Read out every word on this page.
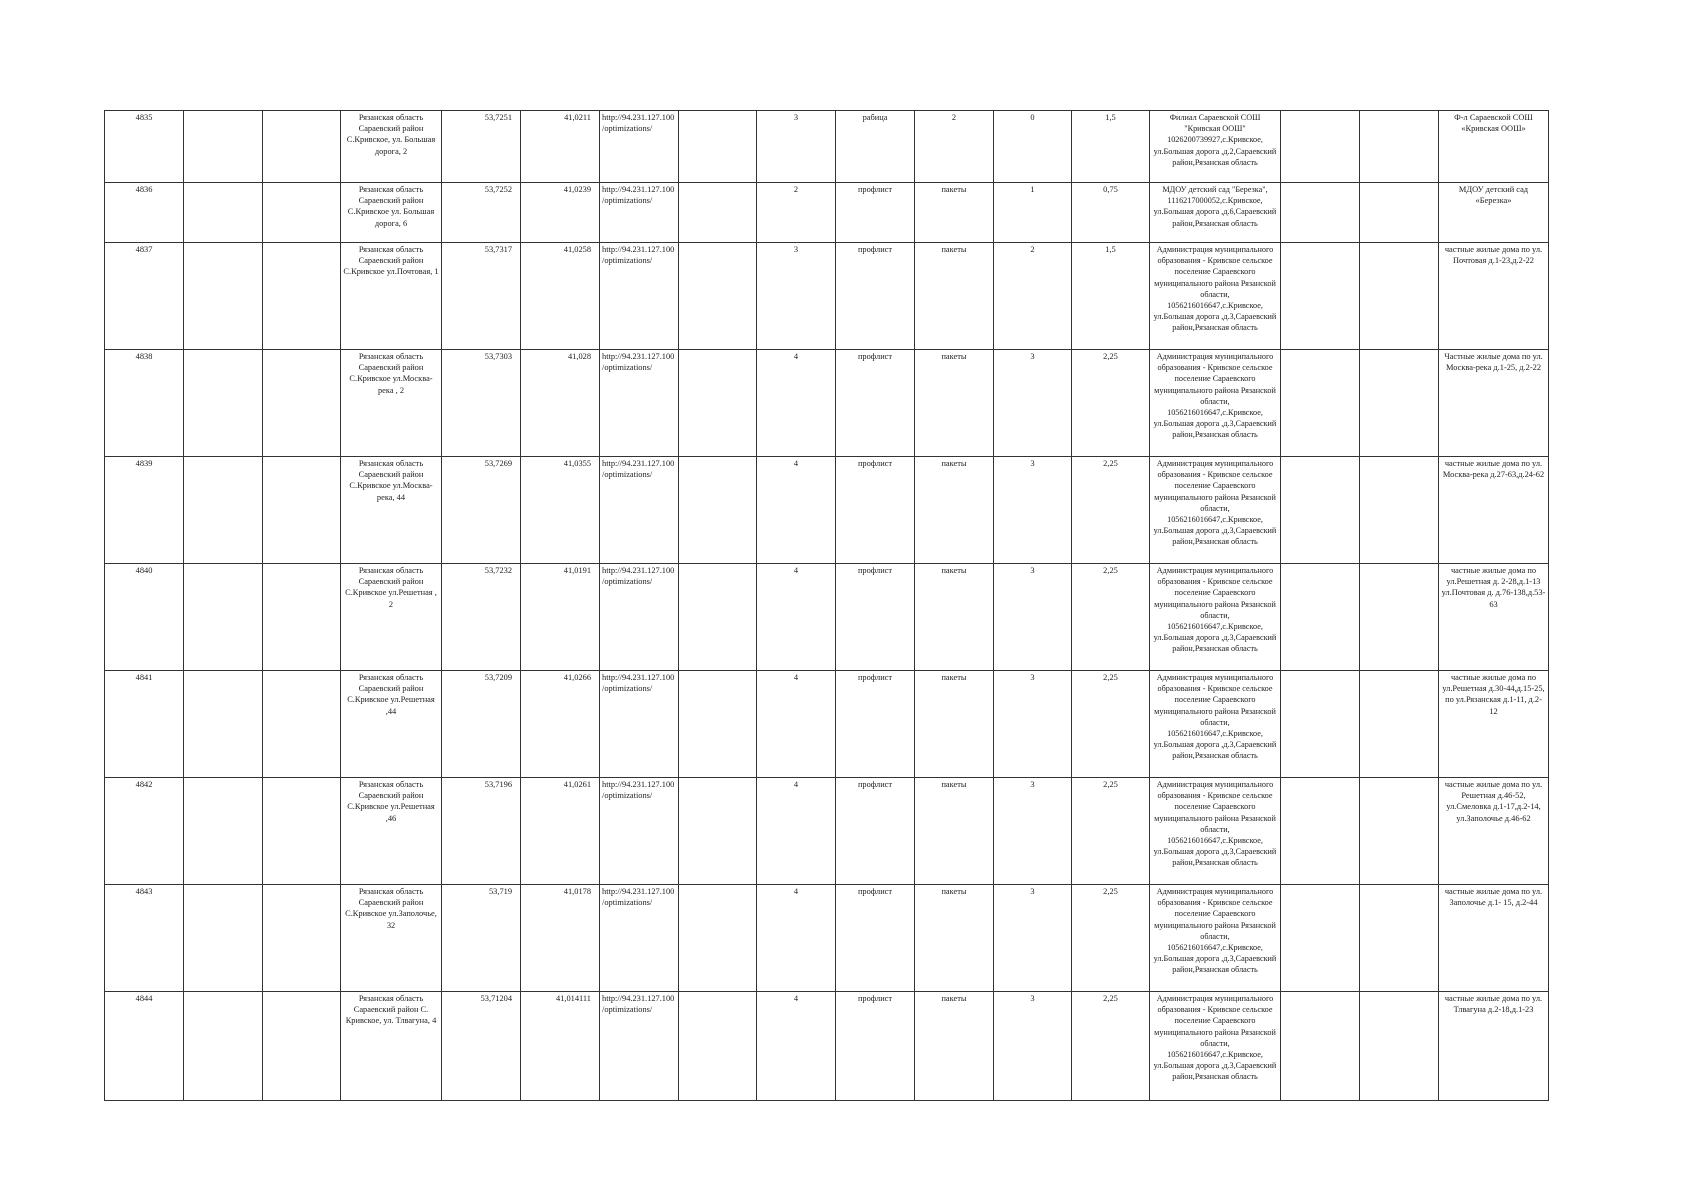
4835			Рязанская область Сараевский район С.Кривское, ул. Большая дорога, 2	53,7251	41,0211	http://94.231.127.100/optimizations/		3	рабица	2	0	1,5	Филиал Сараевской СОШ "Кривская ООШ" 1026200739927,с.Кривское, ул.Большая дорога ,д.2,Сараевский район,Рязанская область			Ф-л Сараевской СОШ «Кривская ООШ»
4836			Рязанская область Сараевский район С.Кривское ул. Большая дорога, 6	53,7252	41,0239	http://94.231.127.100/optimizations/		2	профлист	пакеты	1	0,75	МДОУ детский сад "Березка", 1116217000052,с.Кривское, ул.Большая дорога ,д.6,Сараевский район,Рязанская область			МДОУ детский сад «Березка»
4837			Рязанская область Сараевский район С.Кривское ул.Почтовая, 1	53,7317	41,0258	http://94.231.127.100/optimizations/		3	профлист	пакеты	2	1,5	Администрация муниципального образования - Кривское сельское поселение Сараевского муниципального района Рязанской области, 1056216016647,с.Кривское, ул.Большая дорога ,д.3,Сараевский район,Рязанская область			частные жилые дома по ул. Почтовая д.1-23,д.2-22
4838			Рязанская область Сараевский район С.Кривское ул.Москва-река , 2	53,7303	41,028	http://94.231.127.100/optimizations/		4	профлист	пакеты	3	2,25	Администрация муниципального образования - Кривское сельское поселение Сараевского муниципального района Рязанской области, 1056216016647,с.Кривское, ул.Большая дорога ,д.3,Сараевский район,Рязанская область			Частные жилые дома по ул. Москва-река д.1-25, д.2-22
4839			Рязанская область Сараевский район С.Кривское ул.Москва-река, 44	53,7269	41,0355	http://94.231.127.100/optimizations/		4	профлист	пакеты	3	2,25	Администрация муниципального образования - Кривское сельское поселение Сараевского муниципального района Рязанской области, 1056216016647,с.Кривское, ул.Большая дорога ,д.3,Сараевский район,Рязанская область			частные жилые дома по ул. Москва-река д.27-63,д.24-62
4840			Рязанская область Сараевский район С.Кривское ул.Решетная , 2	53,7232	41,0191	http://94.231.127.100/optimizations/		4	профлист	пакеты	3	2,25	Администрация муниципального образования - Кривское сельское поселение Сараевского муниципального района Рязанской области, 1056216016647,с.Кривское, ул.Большая дорога ,д.3,Сараевский район,Рязанская область			частные жилые дома по ул.Решетная д. 2-28,д.1-13 ул.Почтовая д. д.76-138,д.53-63
4841			Рязанская область Сараевский район С.Кривское ул.Решетная ,44	53,7209	41,0266	http://94.231.127.100/optimizations/		4	профлист	пакеты	3	2,25	Администрация муниципального образования - Кривское сельское поселение Сараевского муниципального района Рязанской области, 1056216016647,с.Кривское, ул.Большая дорога ,д.3,Сараевский район,Рязанская область			частные жилые дома по ул.Решетная д.30-44,д.15-25, по ул.Рязанская д.1-11, д.2-12
4842			Рязанская область Сараевский район С.Кривское ул.Решетная ,46	53,7196	41,0261	http://94.231.127.100/optimizations/		4	профлист	пакеты	3	2,25	Администрация муниципального образования - Кривское сельское поселение Сараевского муниципального района Рязанской области, 1056216016647,с.Кривское, ул.Большая дорога ,д.3,Сараевский район,Рязанская область			частные жилые дома по ул. Решетная д.46-52, ул.Смеловка д.1-17,д.2-14, ул.Заполочье д.46-62
4843			Рязанская область Сараевский район С.Кривское ул.Заполочье, 32	53,719	41,0178	http://94.231.127.100/optimizations/		4	профлист	пакеты	3	2,25	Администрация муниципального образования - Кривское сельское поселение Сараевского муниципального района Рязанской области, 1056216016647,с.Кривское, ул.Большая дорога ,д.3,Сараевский район,Рязанская область			частные жилые дома по ул. Заполочье д.1- 15, д.2-44
4844			Рязанская область Сараевский район С. Кривское, ул. Тлвагуна, 4	53,71204	41,014111	http://94.231.127.100/optimizations/		4	профлист	пакеты	3	2,25	Администрация муниципального образования - Кривское сельское поселение Сараевского муниципального района Рязанской области, 1056216016647,с.Кривское, ул.Большая дорога ,д.3,Сараевский район,Рязанская область			частные жилые дома по ул. Тлвагуна д.2-18,д.1-23
